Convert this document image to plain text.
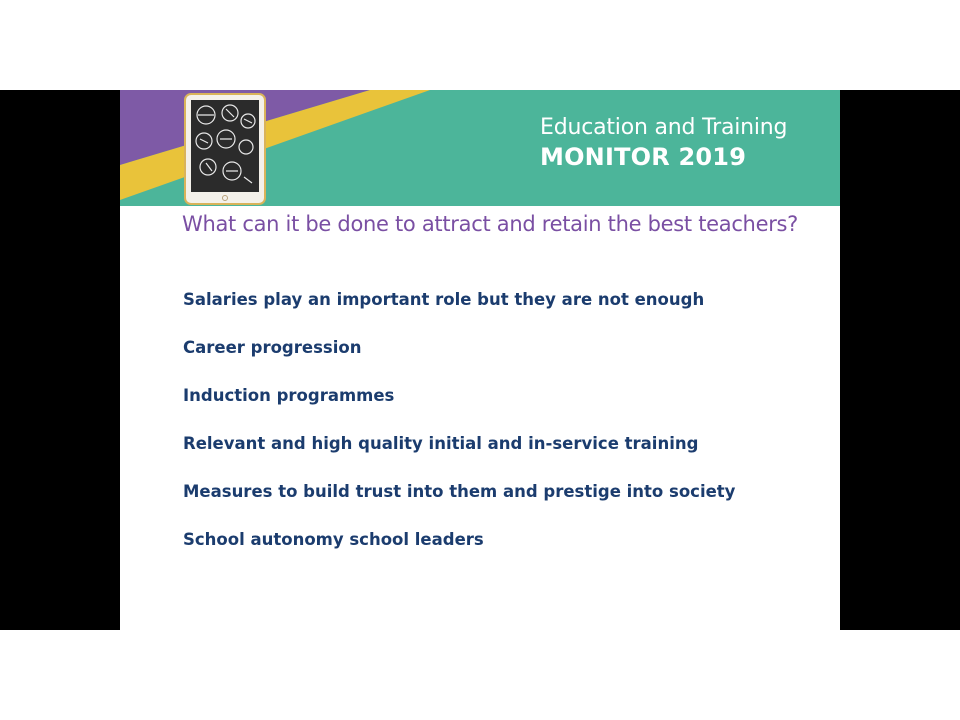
Education and Training
MONITOR 2019
What can it be done to attract and retain the best teachers?
Salaries play an important role but they are not enough
Career progression
Induction programmes
Relevant and high quality initial and in-service training
Measures to build trust into them and prestige into society
School autonomy school leaders
